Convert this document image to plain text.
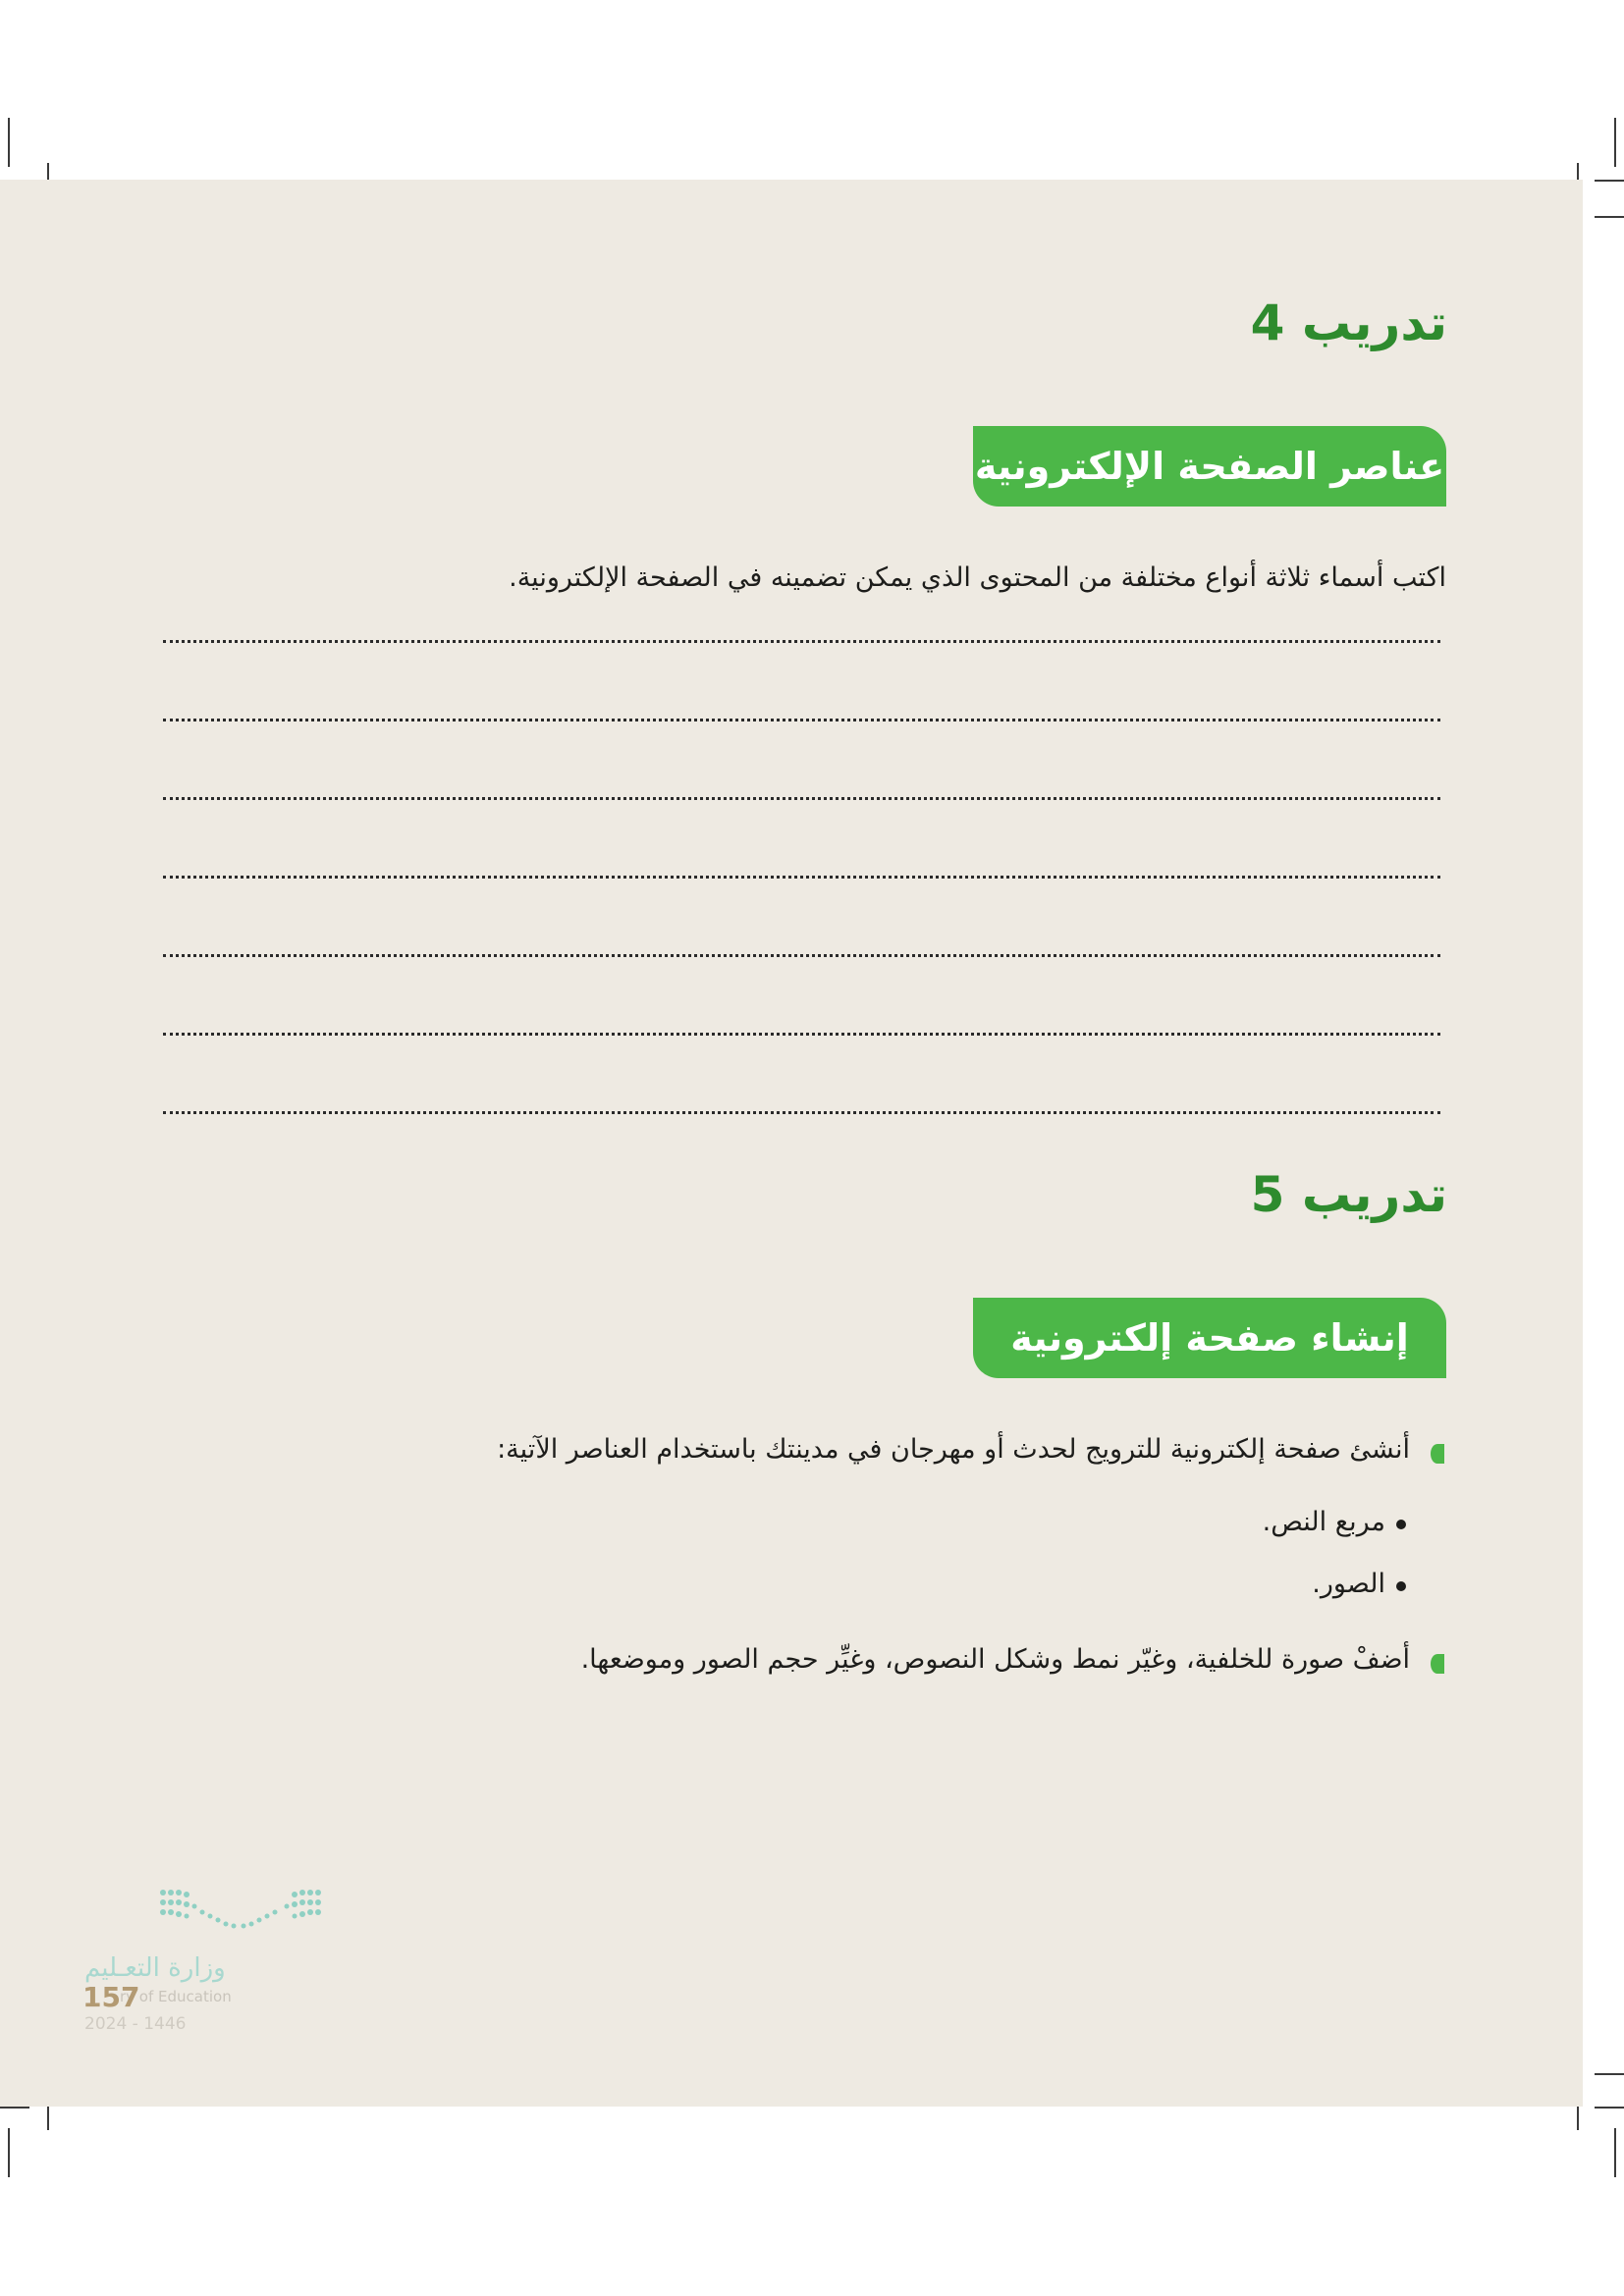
تدريب 4
عناصر الصفحة الإلكترونية
اكتب أسماء ثلاثة أنواع مختلفة من المحتوى الذي يمكن تضمينه في الصفحة الإلكترونية.
تدريب 5
إنشاء صفحة إلكترونية
أنشئ صفحة إلكترونية للترويج لحدث أو مهرجان في مدينتك باستخدام العناصر الآتية:
مربع النص.
الصور.
أضفْ صورة للخلفية، وغيّر نمط وشكل النصوص، وغيِّر حجم الصور وموضعها.
وزارة التعـليم
ry of Education
157
2024 - 1446
